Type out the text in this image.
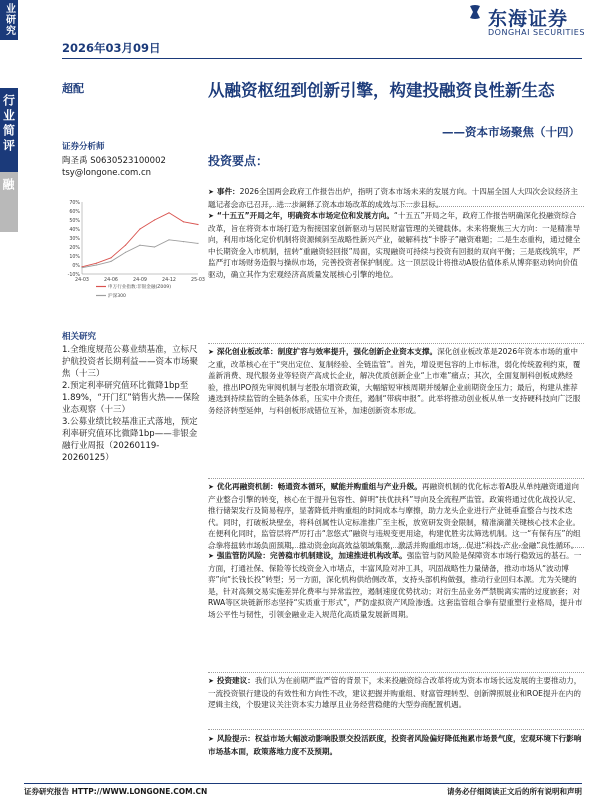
业研究
行业简评
非银金融
2026年03月09日
东海证券
DONGHAI SECURITIES
超配
证券分析师
陶圣禹 S0630523100002
tsy@longone.com.cn
-10%
0%
10%
20%
30%
40%
50%
60%
70%
24-03	24-06	24-09	24-12	25-03
申万行业指数:非银金融(Z009)
沪深300
相关研究
1.全维度规范公募业绩基准，立标尺护航投资者长期利益——资本市场聚焦（十三）
2.预定利率研究值环比微降1bp至1.89%，“开门红”销售火热——保险业态观察（十三）
3.公募业绩比较基准正式落地，预定利率研究值环比微降1bp——非银金融行业周报（20260119-20260125）
从融资枢纽到创新引擎，构建投融资良性新生态
——资本市场聚焦（十四）
投资要点：
➤ 事件：2026全国两会政府工作报告出炉，指明了资本市场未来的发展方向。十四届全国人大四次会议经济主题记者会亦已召开，进一步阐释了资本市场改革的成效与下一步目标。
➤ “十五五”开局之年，明确资本市场定位和发展方向。“十五五”开局之年，政府工作报告明确深化投融资综合改革，旨在将资本市场打造为衔接国家创新驱动与居民财富管理的关键载体。未来将聚焦三大方向：一是精准导向，利用市场化定价机制将资源倾斜至战略性新兴产业，破解科技“卡脖子”融资难题；二是生态重构，通过健全中长期资金入市机制，扭转“重融资轻回报”局面，实现融资可持续与投资有回报的双向平衡；三是底线筑牢，严监严打市场财务造假与操纵市场，完善投资者保护制度。这一顶层设计将推动A股估值体系从博弈驱动转向价值驱动，确立其作为宏观经济高质量发展核心引擎的地位。
➤ 深化创业板改革：制度扩容与效率提升，强化创新企业资本支撑。深化创业板改革是2026年资本市场的重中之重，改革核心在于“突出定位、复制经验、全链监管”。首先，增设更包容的上市标准，弱化传统盈利约束，覆盖新消费、现代服务业等轻资产高成长企业，解决优质创新企业“上市难”痛点；其次，全面复制科创板成熟经验，推出IPO预先审阅机制与老股东增资政策，大幅缩短审核周期并缓解企业前期资金压力；最后，构建从推荐遴选到持续监管的全链条体系，压实中介责任，遏制“带病申报”。此举将推动创业板从单一支持硬科技向广泛服务经济转型延伸，与科创板形成错位互补，加速创新资本形成。
➤ 优化再融资机制：畅通资本循环，赋能并购重组与产业升级。再融资机制的优化标志着A股从单纯融资通道向产业整合引擎的转变，核心在于提升包容性、鲜明“扶优扶科”导向及全流程严监管。政策将通过优化战投认定、推行储架发行及简易程序，显著降低并购重组的时间成本与摩擦，助力龙头企业进行产业链垂直整合与技术迭代。同时，打破板块壁垒，将科创属性认定标准推广至主板，放宽研发资金限制，精准滴灌关键核心技术企业。在便利化同时，监管层将严厉打击“忽悠式”融资与违规变更用途，构建优胜劣汰筛选机制。这一“有保有压”的组合拳将扭转市场负面预期，推动资金向高效益领域集聚，激活并购重组市场，促进“科技-产业-金融”良性循环。
➤ 强监管防风险：完善稳市机制建设，加速推进机构改革。强监管与防风险是保障资本市场行稳致远的基石。一方面，打通社保、保险等长线资金入市堵点，丰富风险对冲工具，巩固战略性力量储备，推动市场从“波动博弈”向“长钱长投”转型；另一方面，深化机构供给侧改革，支持头部机构做强，推动行业回归本源。尤为关键的是，针对高频交易实施差异化费率与异常监控，遏制速度优势扰动；对衍生品业务严禁脱离实需的过度嵌套；对RWA等区块链新形态坚持“实质重于形式”，严防虚拟资产风险渗透。这套监管组合拳有望重塑行业格局，提升市场公平性与韧性，引领金融业走入规范化高质量发展新周期。
➤ 投资建议：我们认为在前期严监严管的背景下，未来投融资综合改革将成为资本市场长远发展的主要推动力，一流投资银行建设的有效性和方向性不改，建议把握并购重组、财富管理转型、创新牌照展业和ROE提升在内的逻辑主线，个股建议关注资本实力雄厚且业务经营稳健的大型券商配置机遇。
➤ 风险提示：权益市场大幅波动影响股票交投活跃度，投资者风险偏好降低拖累市场景气度，宏观环境下行影响市场基本面，政策落地力度不及预期。
证券研究报告 HTTP://WWW.LONGONE.COM.CN	请务必仔细阅读正文后的所有说明和声明
